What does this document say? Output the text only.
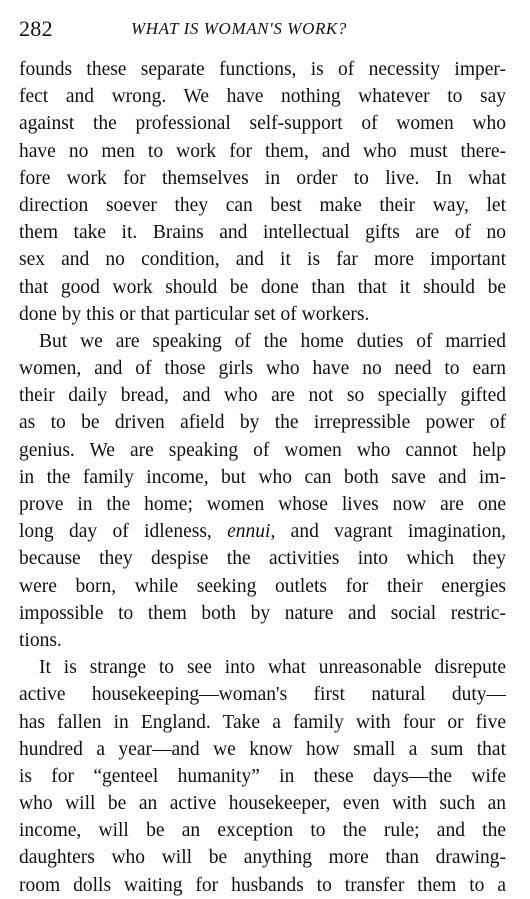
282	WHAT IS WOMAN'S WORK?
founds these separate functions, is of necessity imper-
fect and wrong. We have nothing whatever to say
against the professional self-support of women who
have no men to work for them, and who must there-
fore work for themselves in order to live. In what
direction soever they can best make their way, let
them take it. Brains and intellectual gifts are of no
sex and no condition, and it is far more important
that good work should be done than that it should be
done by this or that particular set of workers.
But we are speaking of the home duties of married
women, and of those girls who have no need to earn
their daily bread, and who are not so specially gifted
as to be driven afield by the irrepressible power of
genius. We are speaking of women who cannot help
in the family income, but who can both save and im-
prove in the home; women whose lives now are one
long day of idleness, ennui, and vagrant imagination,
because they despise the activities into which they
were born, while seeking outlets for their energies
impossible to them both by nature and social restric-
tions.
It is strange to see into what unreasonable disrepute
active housekeeping—woman's first natural duty—
has fallen in England. Take a family with four or five
hundred a year—and we know how small a sum that
is for “genteel humanity” in these days—the wife
who will be an active housekeeper, even with such an
income, will be an exception to the rule; and the
daughters who will be anything more than drawing-
room dolls waiting for husbands to transfer them to a
